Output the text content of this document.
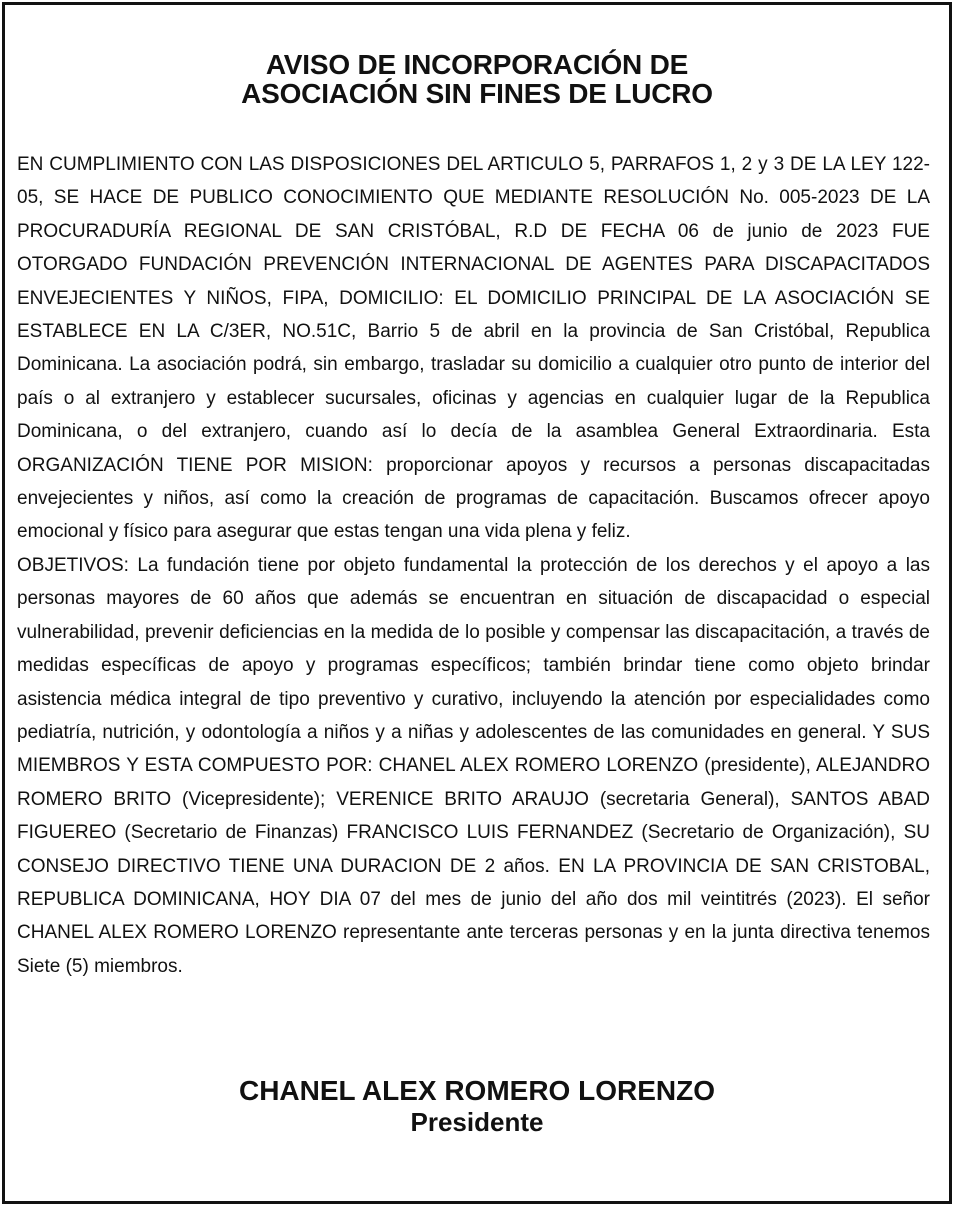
AVISO DE INCORPORACIÓN DE
ASOCIACIÓN SIN FINES DE LUCRO

EN CUMPLIMIENTO CON LAS DISPOSICIONES DEL ARTICULO 5, PARRAFOS 1, 2 y 3 DE LA LEY 122-05, SE HACE DE PUBLICO CONOCIMIENTO QUE MEDIANTE RESOLUCIÓN No. 005-2023 DE LA PROCURADURÍA REGIONAL DE SAN CRISTÓBAL, R.D DE FECHA 06 de junio de 2023 FUE OTORGADO FUNDACIÓN PREVENCIÓN INTERNACIONAL DE AGENTES PARA DISCAPACITADOS ENVEJECIENTES Y NIÑOS, FIPA, DOMICILIO: EL DOMICILIO PRINCIPAL DE LA ASOCIACIÓN SE ESTABLECE EN LA C/3ER, NO.51C, Barrio 5 de abril en la provincia de San Cristóbal, Republica Dominicana. La asociación podrá, sin embargo, trasladar su domicilio a cualquier otro punto de interior del país o al extranjero y establecer sucursales, oficinas y agencias en cualquier lugar de la Republica Dominicana, o del extranjero, cuando así lo decía de la asamblea General Extraordinaria. Esta ORGANIZACIÓN TIENE POR MISION: proporcionar apoyos y recursos a personas discapacitadas envejecientes y niños, así como la creación de programas de capacitación. Buscamos ofrecer apoyo emocional y físico para asegurar que estas tengan una vida plena y feliz.

OBJETIVOS: La fundación tiene por objeto fundamental la protección de los derechos y el apoyo a las personas mayores de 60 años que además se encuentran en situación de discapacidad o especial vulnerabilidad, prevenir deficiencias en la medida de lo posible y compensar las discapacitación, a través de medidas específicas de apoyo y programas específicos; también brindar tiene como objeto brindar asistencia médica integral de tipo preventivo y curativo, incluyendo la atención por especialidades como pediatría, nutrición, y odontología a niños y a niñas y adolescentes de las comunidades en general. Y SUS MIEMBROS Y ESTA COMPUESTO POR: CHANEL ALEX ROMERO LORENZO (presidente), ALEJANDRO ROMERO BRITO (Vicepresidente); VERENICE BRITO ARAUJO (secretaria General), SANTOS ABAD FIGUEREO (Secretario de Finanzas) FRANCISCO LUIS FERNANDEZ (Secretario de Organización), SU CONSEJO DIRECTIVO TIENE UNA DURACION DE 2 años. EN LA PROVINCIA DE SAN CRISTOBAL, REPUBLICA DOMINICANA, HOY DIA 07 del mes de junio del año dos mil veintitrés (2023). El señor CHANEL ALEX ROMERO LORENZO representante ante terceras personas y en la junta directiva tenemos Siete (5) miembros.

CHANEL ALEX ROMERO LORENZO
Presidente
